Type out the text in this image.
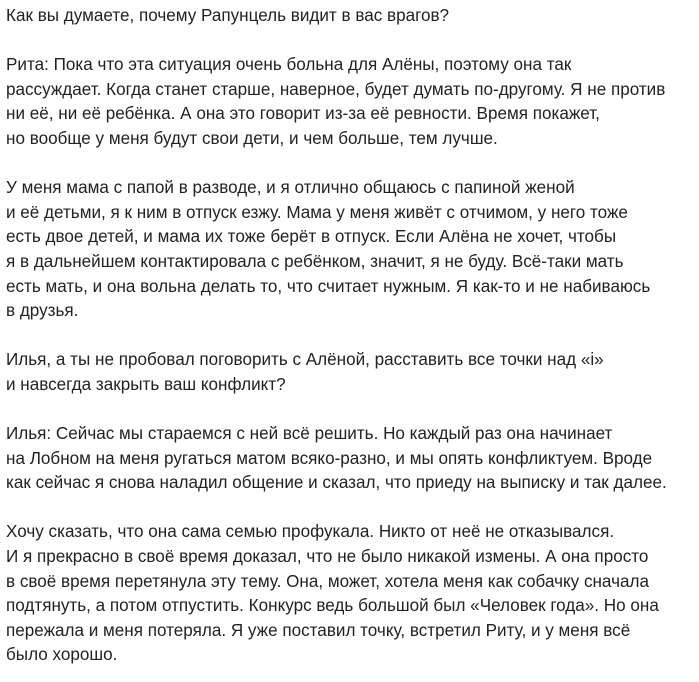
Как вы думаете, почему Рапунцель видит в вас врагов?

Рита: Пока что эта ситуация очень больна для Алёны, поэтому она так
рассуждает. Когда станет старше, наверное, будет думать по-другому. Я не против
ни её, ни её ребёнка. А она это говорит из-за её ревности. Время покажет,
но вообще у меня будут свои дети, и чем больше, тем лучше.

У меня мама с папой в разводе, и я отлично общаюсь с папиной женой
и её детьми, я к ним в отпуск езжу. Мама у меня живёт с отчимом, у него тоже
есть двое детей, и мама их тоже берёт в отпуск. Если Алёна не хочет, чтобы
я в дальнейшем контактировала с ребёнком, значит, я не буду. Всё-таки мать
есть мать, и она вольна делать то, что считает нужным. Я как-то и не набиваюсь
в друзья.

Илья, а ты не пробовал поговорить с Алёной, расставить все точки над «i»
и навсегда закрыть ваш конфликт?

Илья: Сейчас мы стараемся с ней всё решить. Но каждый раз она начинает
на Лобном на меня ругаться матом всяко-разно, и мы опять конфликтуем. Вроде
как сейчас я снова наладил общение и сказал, что приеду на выписку и так далее.

Хочу сказать, что она сама семью профукала. Никто от неё не отказывался.
И я прекрасно в своё время доказал, что не было никакой измены. А она просто
в своё время перетянула эту тему. Она, может, хотела меня как собачку сначала
подтянуть, а потом отпустить. Конкурс ведь большой был «Человек года». Но она
пережала и меня потеряла. Я уже поставил точку, встретил Риту, и у меня всё
было хорошо.
